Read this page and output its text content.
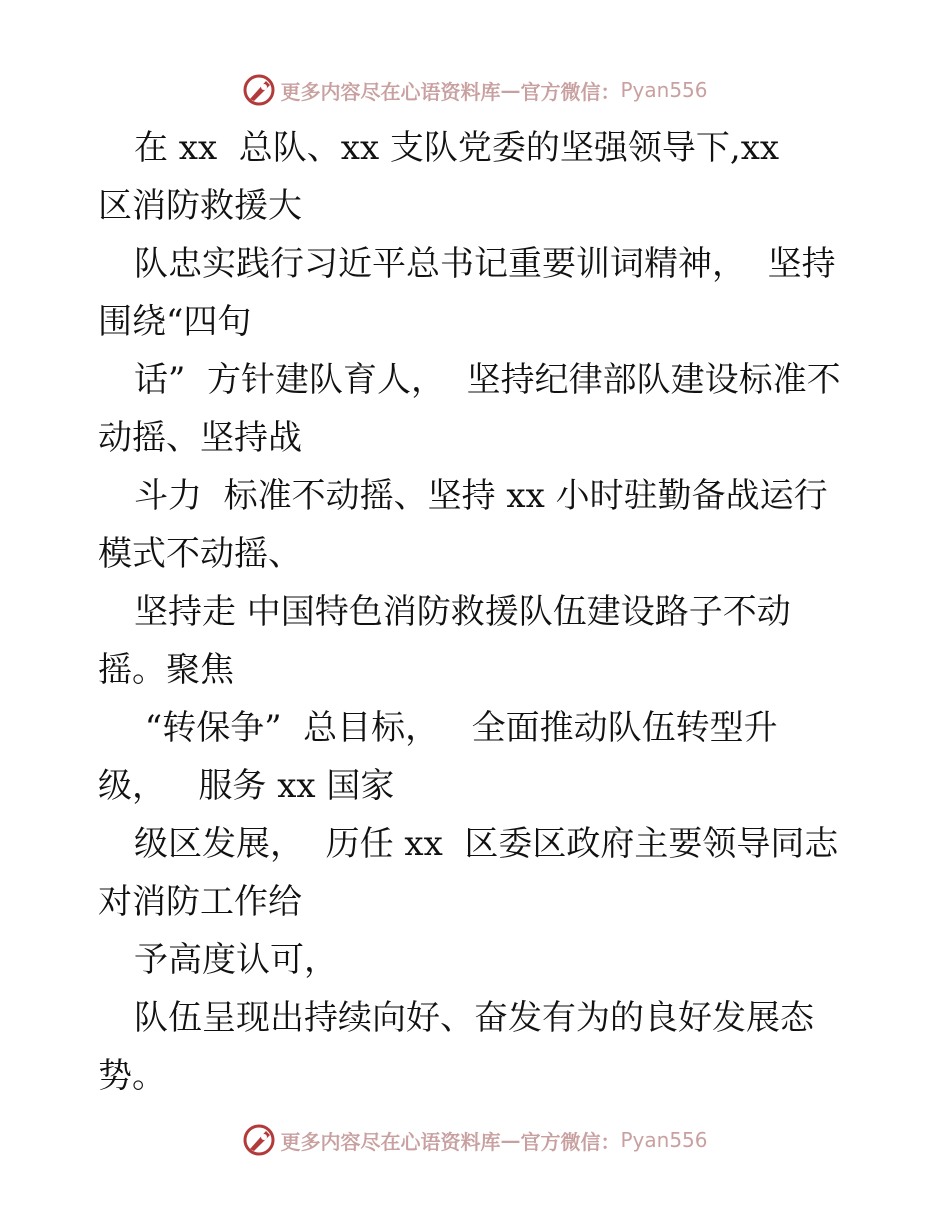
更多内容尽在心语资料库 — 官方微信： Pyan556
在 xx  总队、xx 支队党委的坚强领导下,xx
区消防救援大
队忠实践行习近平总书记重要训词精神，  坚持
围绕“四句
话”  方针建队育人，  坚持纪律部队建设标准不
动摇、坚持战
斗力  标准不动摇、坚持 xx 小时驻勤备战运行
模式不动摇、
坚持走 中国特色消防救援队伍建设路子不动
摇。聚焦
“转保争”  总目标，   全面推动队伍转型升
级，   服务 xx 国家
级区发展，  历任 xx  区委区政府主要领导同志
对消防工作给
予高度认可，
队伍呈现出持续向好、奋发有为的良好发展态
势。
更多内容尽在心语资料库 — 官方微信： Pyan556
